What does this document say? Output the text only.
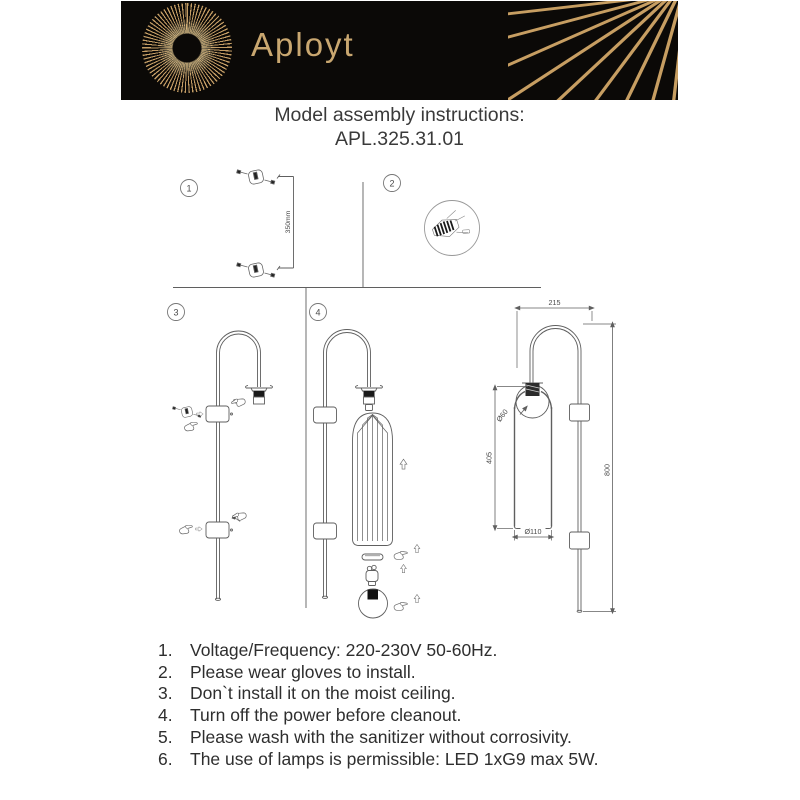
Aployt
Model assembly instructions:
APL.325.31.01
1
350mm
2
3	4
215
405
Ø60
Ø110
800
1. Voltage/Frequency: 220-230V 50-60Hz.
2. Please wear gloves to install.
3. Don`t install it on the moist ceiling.
4. Turn off the power before cleanout.
5. Please wash with the sanitizer without corrosivity.
6. The use of lamps is permissible: LED 1xG9 max 5W.
